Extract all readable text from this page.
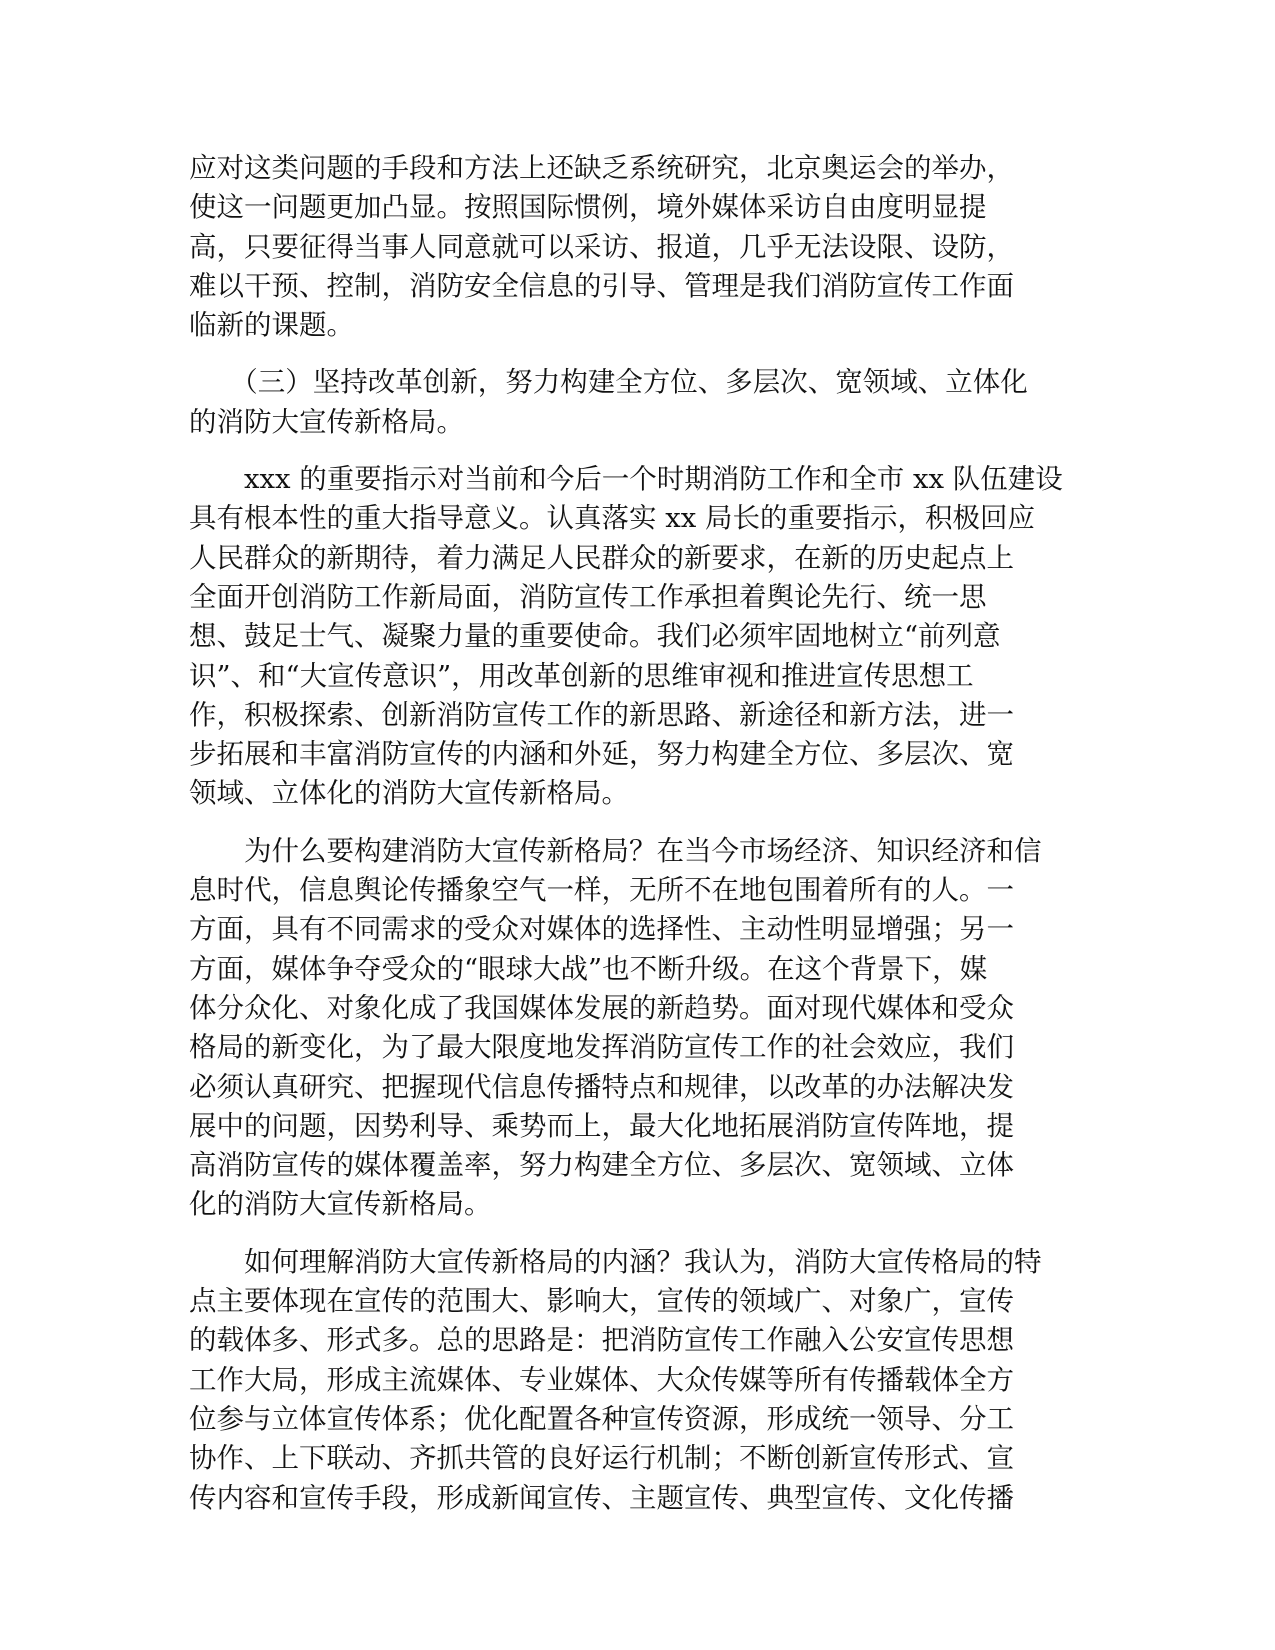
应对这类问题的手段和方法上还缺乏系统研究，北京奥运会的举办，
使这一问题更加凸显。按照国际惯例，境外媒体采访自由度明显提
高，只要征得当事人同意就可以采访、报道，几乎无法设限、设防，
难以干预、控制，消防安全信息的引导、管理是我们消防宣传工作面
临新的课题。

　　（三）坚持改革创新，努力构建全方位、多层次、宽领域、立体化
的消防大宣传新格局。

　　xxx 的重要指示对当前和今后一个时期消防工作和全市 xx 队伍建设
具有根本性的重大指导意义。认真落实 xx 局长的重要指示，积极回应
人民群众的新期待，着力满足人民群众的新要求，在新的历史起点上
全面开创消防工作新局面，消防宣传工作承担着舆论先行、统一思
想、鼓足士气、凝聚力量的重要使命。我们必须牢固地树立“前列意
识”、和“大宣传意识”，用改革创新的思维审视和推进宣传思想工
作，积极探索、创新消防宣传工作的新思路、新途径和新方法，进一
步拓展和丰富消防宣传的内涵和外延，努力构建全方位、多层次、宽
领域、立体化的消防大宣传新格局。

　　为什么要构建消防大宣传新格局？在当今市场经济、知识经济和信
息时代，信息舆论传播象空气一样，无所不在地包围着所有的人。一
方面，具有不同需求的受众对媒体的选择性、主动性明显增强；另一
方面，媒体争夺受众的“眼球大战”也不断升级。在这个背景下，媒
体分众化、对象化成了我国媒体发展的新趋势。面对现代媒体和受众
格局的新变化，为了最大限度地发挥消防宣传工作的社会效应，我们
必须认真研究、把握现代信息传播特点和规律，以改革的办法解决发
展中的问题，因势利导、乘势而上，最大化地拓展消防宣传阵地，提
高消防宣传的媒体覆盖率，努力构建全方位、多层次、宽领域、立体
化的消防大宣传新格局。

　　如何理解消防大宣传新格局的内涵？我认为，消防大宣传格局的特
点主要体现在宣传的范围大、影响大，宣传的领域广、对象广，宣传
的载体多、形式多。总的思路是：把消防宣传工作融入公安宣传思想
工作大局，形成主流媒体、专业媒体、大众传媒等所有传播载体全方
位参与立体宣传体系；优化配置各种宣传资源，形成统一领导、分工
协作、上下联动、齐抓共管的良好运行机制；不断创新宣传形式、宣
传内容和宣传手段，形成新闻宣传、主题宣传、典型宣传、文化传播
